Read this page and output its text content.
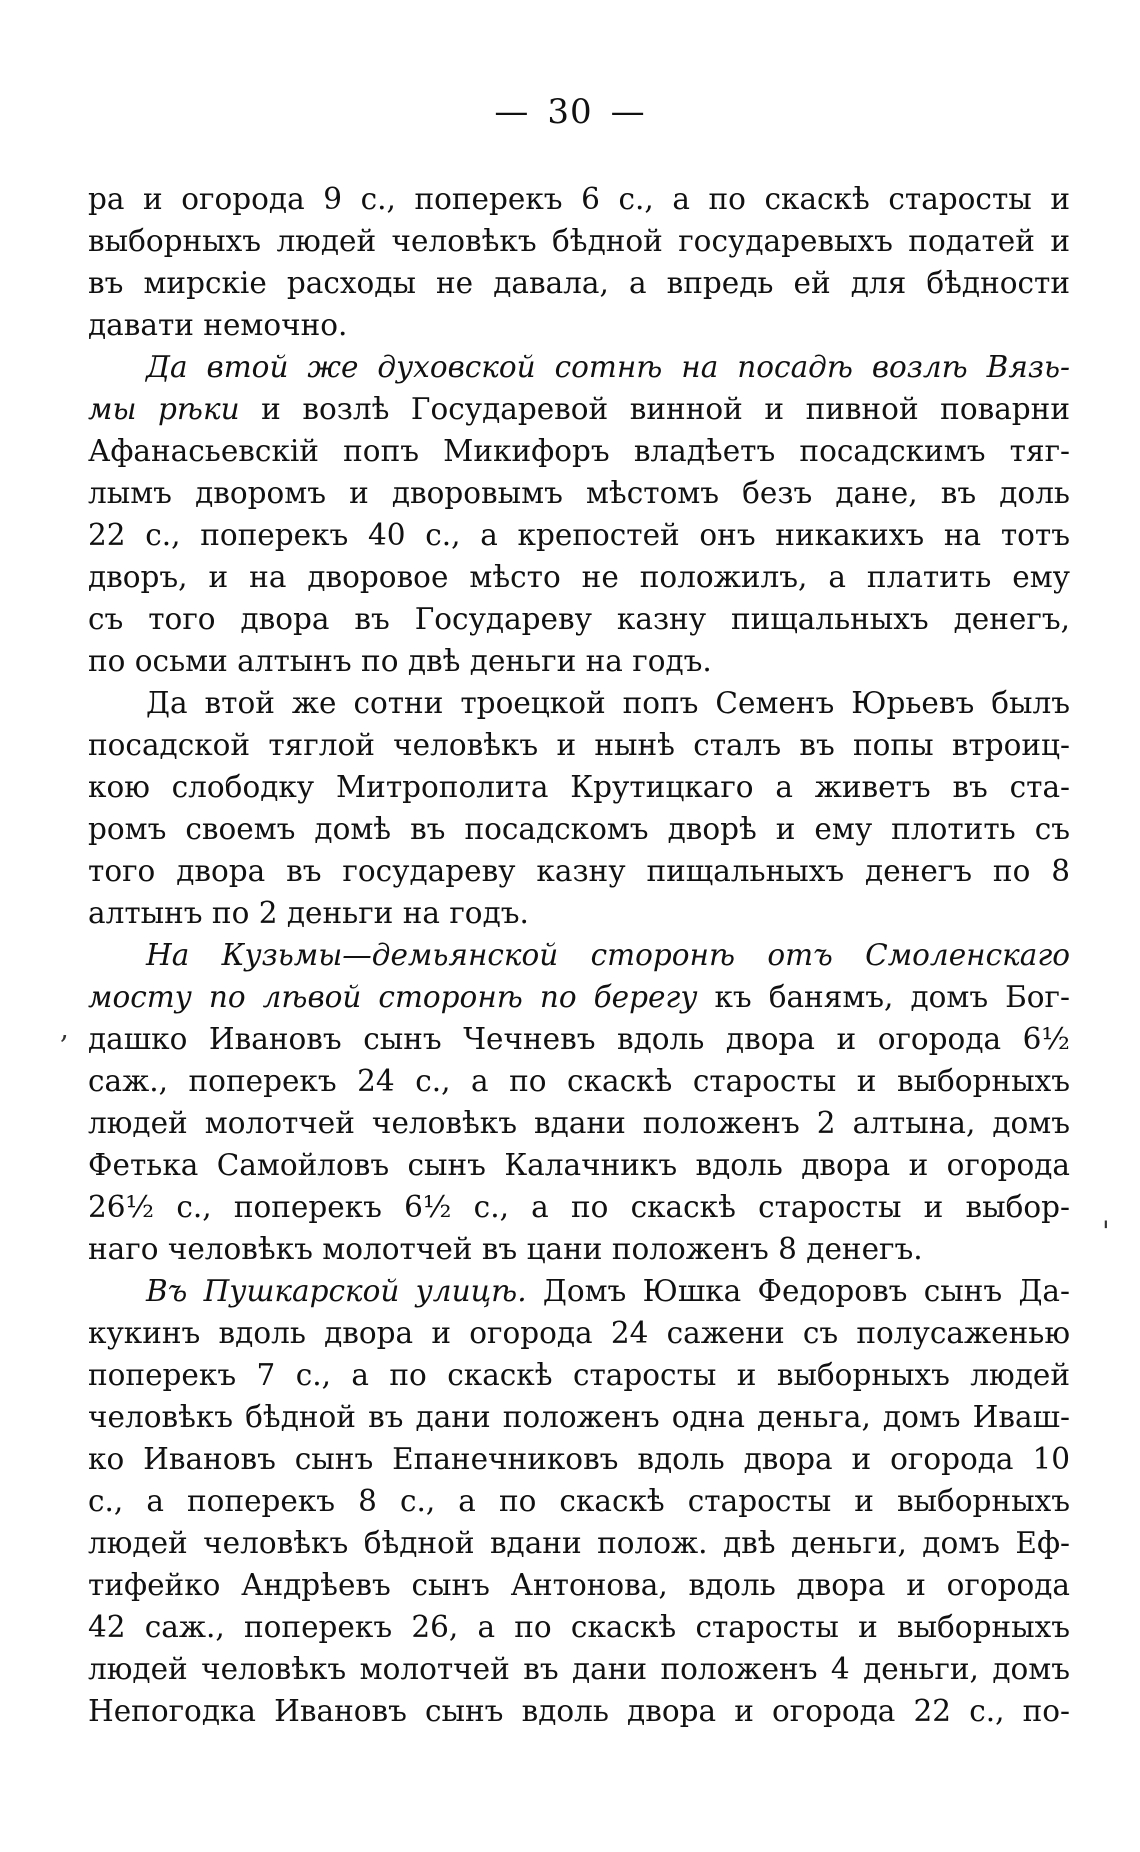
— 30 —
ра и огорода 9 с., поперекъ 6 с., а по скаскѣ старосты и
выборныхъ людей человѣкъ бѣдной государевыхъ податей и
въ мирскіе расходы не давала, а впредь ей для бѣдности
давати немочно.
Да втой же духовской сотнѣ на посадѣ возлѣ Вязь-
мы рѣки и возлѣ Государевой винной и пивной поварни
Афанасьевскій попъ Микифоръ владѣетъ посадскимъ тяг-
лымъ дворомъ и дворовымъ мѣстомъ безъ дане, въ доль
22 с., поперекъ 40 с., а крепостей онъ никакихъ на тотъ
дворъ, и на дворовое мѣсто не положилъ, а платить ему
съ того двора въ Государеву казну пищальныхъ денегъ,
по осьми алтынъ по двѣ деньги на годъ.
Да втой же сотни троецкой попъ Семенъ Юрьевъ былъ
посадской тяглой человѣкъ и нынѣ сталъ въ попы втроиц-
кою слободку Митрополита Крутицкаго а живетъ въ ста-
ромъ своемъ домѣ въ посадскомъ дворѣ и ему плотить съ
того двора въ государеву казну пищальныхъ денегъ по 8
алтынъ по 2 деньги на годъ.
На Кузьмы—демьянской сторонѣ отъ Смоленскаго
мосту по лѣвой сторонѣ по берегу къ банямъ, домъ Бог-
дашко Ивановъ сынъ Чечневъ вдоль двора и огорода 6½
саж., поперекъ 24 с., а по скаскѣ старосты и выборныхъ
людей молотчей человѣкъ вдани положенъ 2 алтына, домъ
Фетька Самойловъ сынъ Калачникъ вдоль двора и огорода
26½ с., поперекъ 6½ с., а по скаскѣ старосты и выбор-
наго человѣкъ молотчей въ цани положенъ 8 денегъ.
Въ Пушкарской улицѣ. Домъ Юшка Федоровъ сынъ Да-
кукинъ вдоль двора и огорода 24 сажени съ полусаженью
поперекъ 7 с., а по скаскѣ старосты и выборныхъ людей
человѣкъ бѣдной въ дани положенъ одна деньга, домъ Иваш-
ко Ивановъ сынъ Епанечниковъ вдоль двора и огорода 10
с., а поперекъ 8 с., а по скаскѣ старосты и выборныхъ
людей человѣкъ бѣдной вдани полож. двѣ деньги, домъ Еф-
тифейко Андрѣевъ сынъ Антонова, вдоль двора и огорода
42 саж., поперекъ 26, а по скаскѣ старосты и выборныхъ
людей человѣкъ молотчей въ дани положенъ 4 деньги, домъ
Непогодка Ивановъ сынъ вдоль двора и огорода 22 с., по-
,
'
